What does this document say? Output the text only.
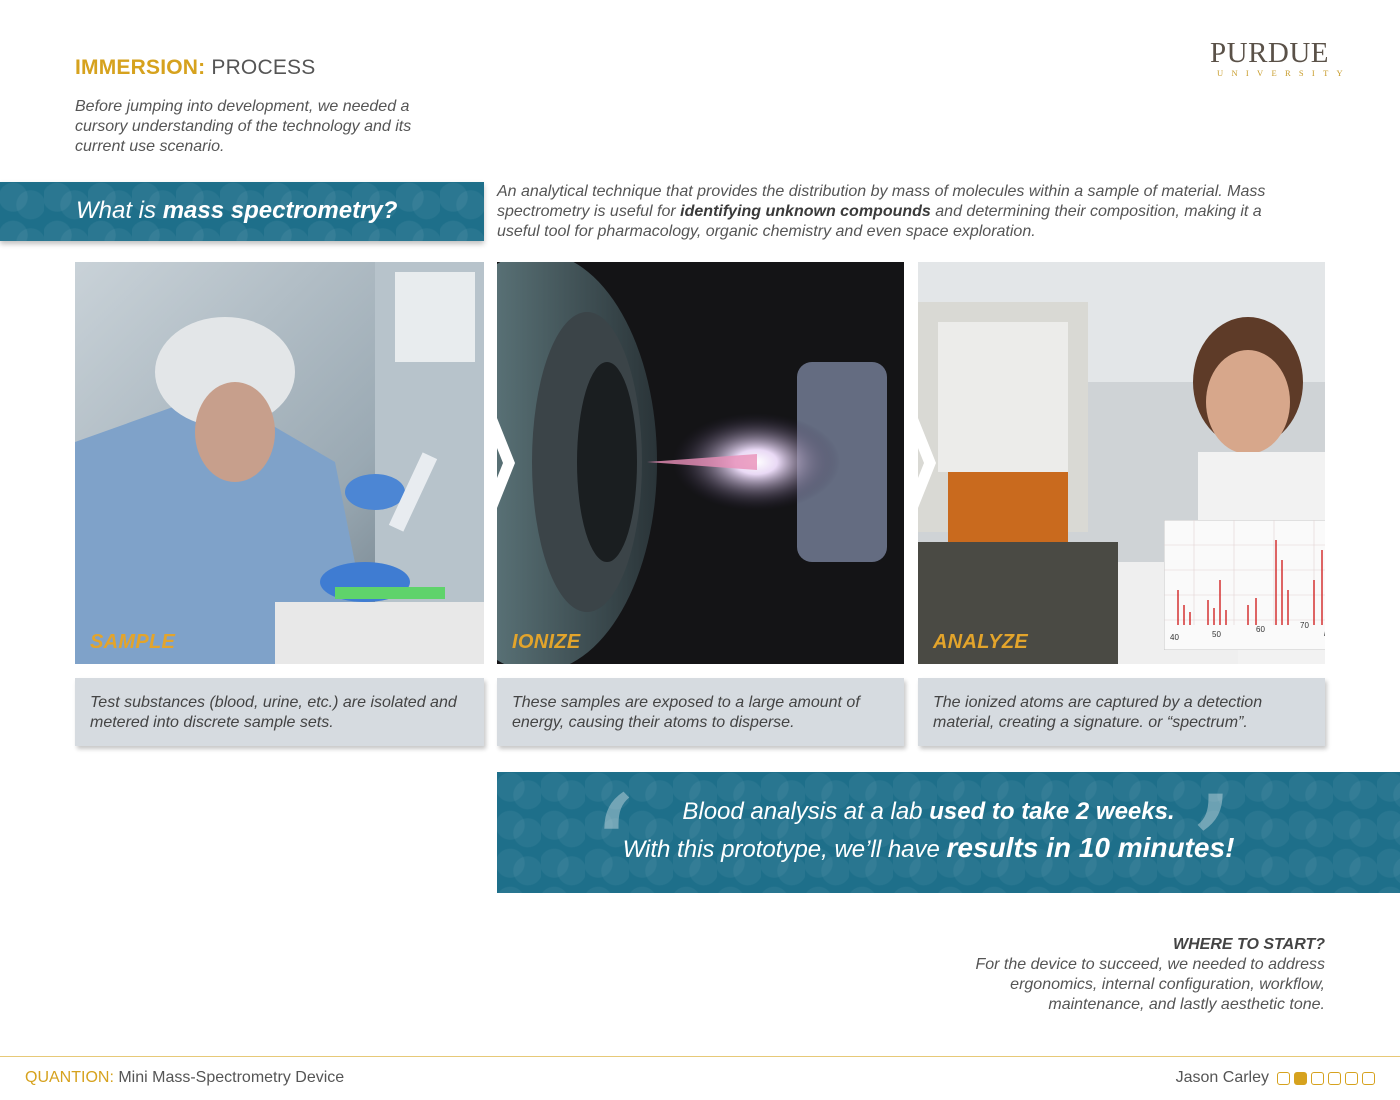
IMMERSION: PROCESS
Before jumping into development, we needed a cursory understanding of the technology and its current use scenario.
PURDUE
UNIVERSITY
What is mass spectrometry?
An analytical technique that provides the distribution by mass of molecules within a sample of material. Mass spectrometry is useful for identifying unknown compounds and determining their composition, making it a useful tool for pharmacology, organic chemistry and even space exploration.
SAMPLE	IONIZE	ANALYZE	40	50
60	70	80
m/z
Test substances (blood, urine, etc.) are isolated and metered into discrete sample sets.
These samples are exposed to a large amount of energy, causing their atoms to disperse.
The ionized atoms are captured by a detection material, creating a signature. or “spectrum”.
‘	’
Blood analysis at a lab used to take 2 weeks.
With this prototype, we’ll have results in 10 minutes!
WHERE TO START?
For the device to succeed, we needed to address ergonomics, internal configuration, workflow, maintenance, and lastly aesthetic tone.
QUANTION: Mini Mass-Spectrometry Device	Jason Carley
